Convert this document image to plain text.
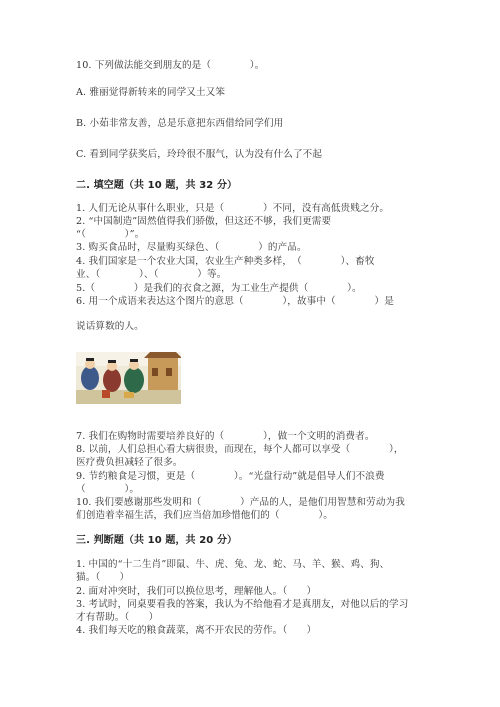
10. 下列做法能交到朋友的是（　　　　）。
A. 雅丽觉得新转来的同学又土又笨
B. 小茹非常友善，总是乐意把东西借给同学们用
C. 看到同学获奖后，玲玲很不服气，认为没有什么了不起
二. 填空题（共 10 题，共 32 分）
1. 人们无论从事什么职业，只是（　　　　）不同，没有高低贵贱之分。
2. “中国制造”固然值得我们骄傲，但这还不够，我们更需要
“（　　　　）”。
3. 购买食品时，尽量购买绿色、（　　　　）的产品。
4. 我们国家是一个农业大国，农业生产种类多样，　（　　　　）、畜牧
业、（　　　　）、（　　　　）等。
5.（　　　　）是我们的衣食之源，为工业生产提供（　　　　）。
6. 用一个成语来表达这个图片的意思（　　　　），故事中（　　　　）是
说话算数的人。
7. 我们在购物时需要培养良好的（　　　　），做一个文明的消费者。
8. 以前，人们总担心看大病很贵，而现在，每个人都可以享受（　　　　），
医疗费负担减轻了很多。
9. 节约粮食是习惯，更是（　　　　）。“光盘行动”就是倡导人们不浪费
（　　　　）。
10. 我们要感谢那些发明和（　　　　）产品的人，是他们用智慧和劳动为我
们创造着幸福生活，我们应当倍加珍惜他们的（　　　　）。
三. 判断题（共 10 题，共 20 分）
1. 中国的“十二生肖”即鼠、牛、虎、兔、龙、蛇、马、羊、猴、鸡、狗、
猫。（　　）
2. 面对冲突时，我们可以换位思考，理解他人。（　　）
3. 考试时，同桌要看我的答案，我认为不给他看才是真朋友，对他以后的学习
才有帮助。（　　）
4. 我们每天吃的粮食蔬菜，离不开农民的劳作。（　　）
